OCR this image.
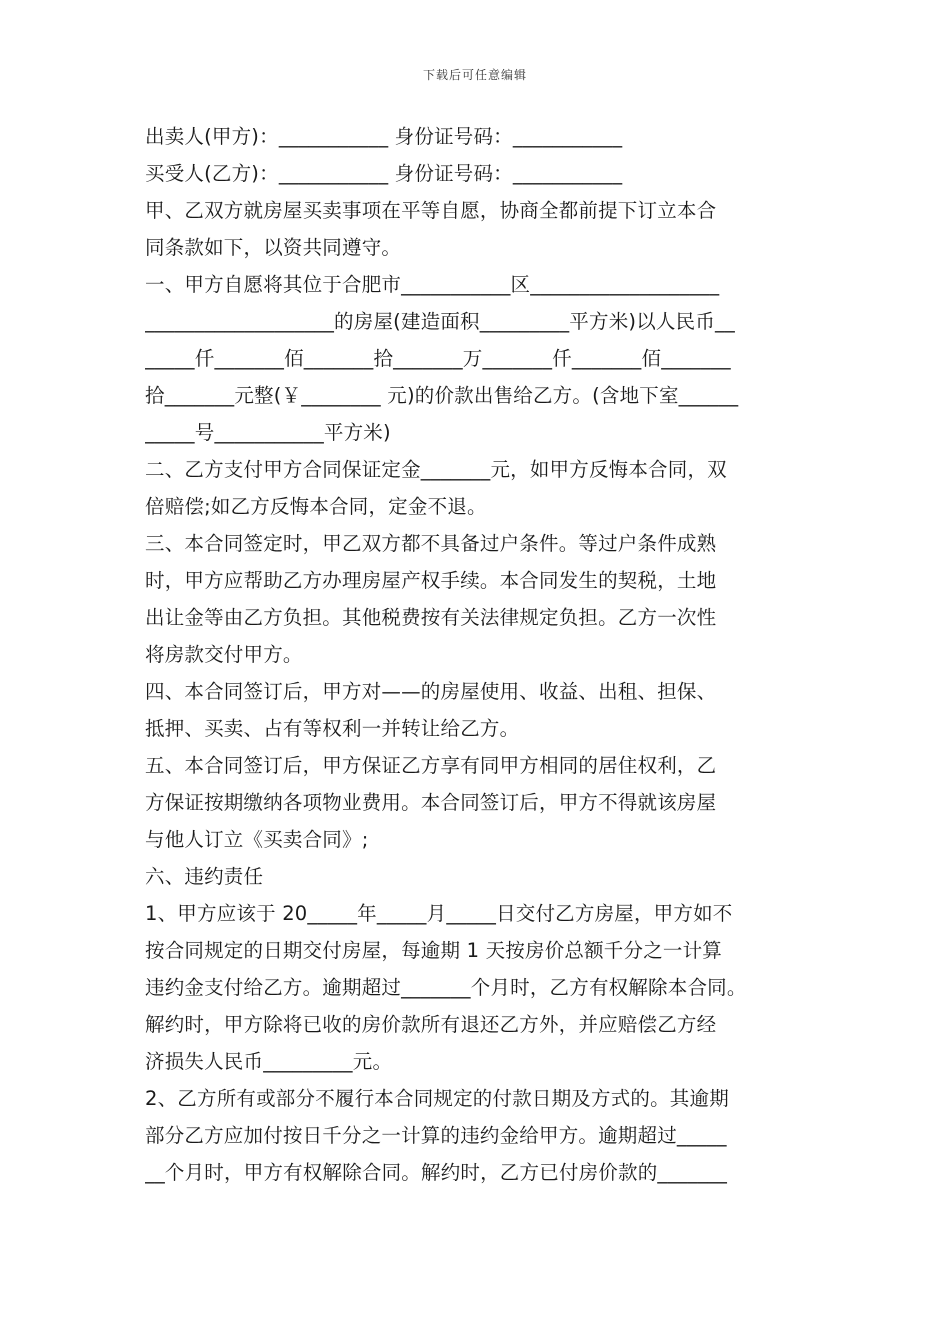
下载后可任意编辑
出卖人(甲方)：___________ 身份证号码：___________
买受人(乙方)：___________ 身份证号码：___________
甲、乙双方就房屋买卖事项在平等自愿，协商全都前提下订立本合
同条款如下，以资共同遵守。
一、甲方自愿将其位于合肥市___________区___________________
___________________的房屋(建造面积_________平方米)以人民币__
_____仟_______佰_______拾_______万_______仟_______佰_______
拾_______元整(￥________ 元)的价款出售给乙方。(含地下室______
_____号___________平方米)
二、乙方支付甲方合同保证定金_______元，如甲方反悔本合同，双
倍赔偿;如乙方反悔本合同，定金不退。
三、本合同签定时，甲乙双方都不具备过户条件。等过户条件成熟
时，甲方应帮助乙方办理房屋产权手续。本合同发生的契税，土地
出让金等由乙方负担。其他税费按有关法律规定负担。乙方一次性
将房款交付甲方。
四、本合同签订后，甲方对——的房屋使用、收益、出租、担保、
抵押、买卖、占有等权利一并转让给乙方。
五、本合同签订后，甲方保证乙方享有同甲方相同的居住权利，乙
方保证按期缴纳各项物业费用。本合同签订后，甲方不得就该房屋
与他人订立《买卖合同》;
六、违约责任
1、甲方应该于 20_____年_____月_____日交付乙方房屋，甲方如不
按合同规定的日期交付房屋，每逾期 1 天按房价总额千分之一计算
违约金支付给乙方。逾期超过_______个月时，乙方有权解除本合同。
解约时，甲方除将已收的房价款所有退还乙方外，并应赔偿乙方经
济损失人民币_________元。
2、乙方所有或部分不履行本合同规定的付款日期及方式的。其逾期
部分乙方应加付按日千分之一计算的违约金给甲方。逾期超过_____
__个月时，甲方有权解除合同。解约时，乙方已付房价款的_______
